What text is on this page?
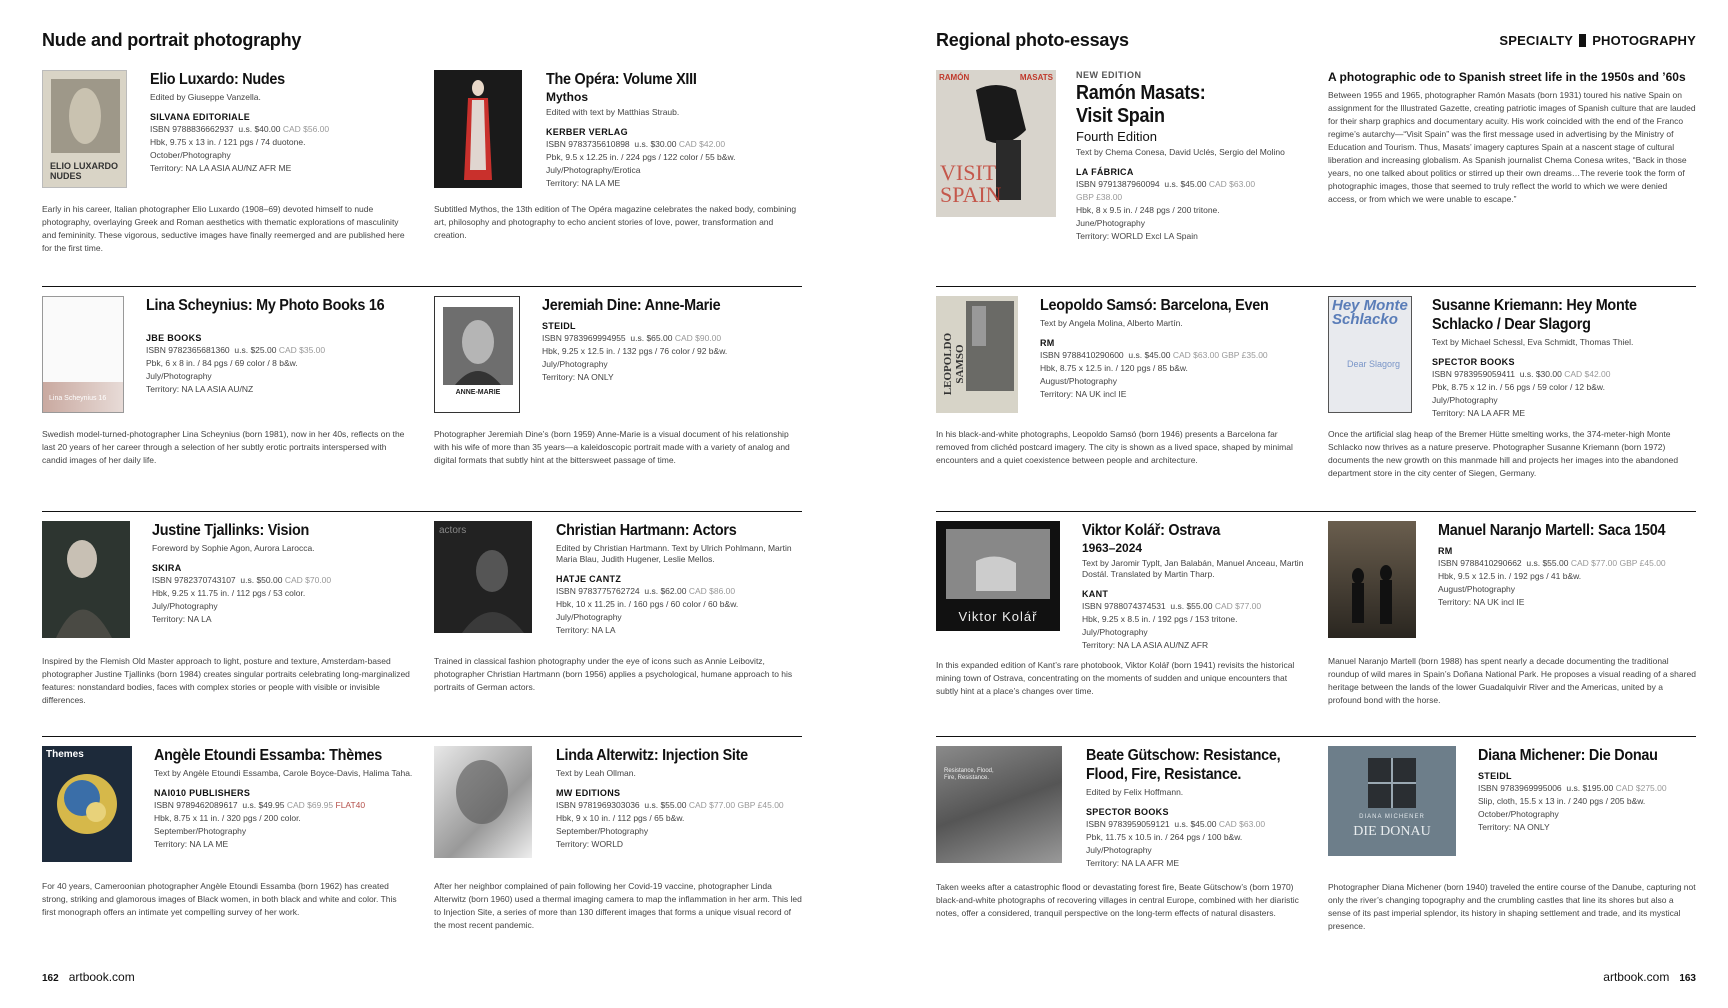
Nude and portrait photography
ELIO LUXARDO NUDES
Elio Luxardo: Nudes
Edited by Giuseppe Vanzella.
SILVANA EDITORIALE
ISBN 9788836662937 u.s. $40.00 CAD $56.00
Hbk, 9.75 x 13 in. / 121 pgs / 74 duotone.
October/Photography
Territory: NA LA ASIA AU/NZ AFR ME
Early in his career, Italian photographer Elio Luxardo (1908–69) devoted himself to nude photography, overlaying Greek and Roman aesthetics with thematic explorations of masculinity and femininity. These vigorous, seductive images have finally reemerged and are published here for the first time.
The Opéra: Volume XIII
Mythos
Edited with text by Matthias Straub.
KERBER VERLAG
ISBN 9783735610898 u.s. $30.00 CAD $42.00
Pbk, 9.5 x 12.25 in. / 224 pgs / 122 color / 55 b&w.
July/Photography/Erotica
Territory: NA LA ME
Subtitled Mythos, the 13th edition of The Opéra magazine celebrates the naked body, combining art, philosophy and photography to echo ancient stories of love, power, transformation and creation.
Lina Scheynius 16
Lina Scheynius: My Photo Books 16
JBE BOOKS
ISBN 9782365681360 u.s. $25.00 CAD $35.00
Pbk, 6 x 8 in. / 84 pgs / 69 color / 8 b&w.
July/Photography
Territory: NA LA ASIA AU/NZ
Swedish model-turned-photographer Lina Scheynius (born 1981), now in her 40s, reflects on the last 20 years of her career through a selection of her subtly erotic portraits interspersed with candid images of her daily life.
ANNE-MARIE
Jeremiah Dine: Anne-Marie
STEIDL
ISBN 9783969994955 u.s. $65.00 CAD $90.00
Hbk, 9.25 x 12.5 in. / 132 pgs / 76 color / 92 b&w.
July/Photography
Territory: NA ONLY
Photographer Jeremiah Dine’s (born 1959) Anne-Marie is a visual document of his relationship with his wife of more than 35 years—a kaleidoscopic portrait made with a variety of analog and digital formats that subtly hint at the bittersweet passage of time.
Justine Tjallinks: Vision
Foreword by Sophie Agon, Aurora Larocca.
SKIRA
ISBN 9782370743107 u.s. $50.00 CAD $70.00
Hbk, 9.25 x 11.75 in. / 112 pgs / 53 color.
July/Photography
Territory: NA LA
Inspired by the Flemish Old Master approach to light, posture and texture, Amsterdam-based photographer Justine Tjallinks (born 1984) creates singular portraits celebrating long-marginalized features: nonstandard bodies, faces with complex stories or people with visible or invisible differences.
actors	Christian Hartmann: Actors
Edited by Christian Hartmann. Text by Ulrich Pohlmann, Martin Maria Blau, Judith Hugener, Leslie Mellos.
HATJE CANTZ
ISBN 9783775762724 u.s. $62.00 CAD $86.00
Hbk, 10 x 11.25 in. / 160 pgs / 60 color / 60 b&w.
July/Photography
Territory: NA LA
Trained in classical fashion photography under the eye of icons such as Annie Leibovitz, photographer Christian Hartmann (born 1956) applies a psychological, humane approach to his portraits of German actors.
Themes	Angèle Etoundi Essamba: Thèmes
Text by Angèle Etoundi Essamba, Carole Boyce-Davis, Halima Taha.
NAI010 PUBLISHERS
ISBN 9789462089617 u.s. $49.95 CAD $69.95 FLAT40
Hbk, 8.75 x 11 in. / 320 pgs / 200 color.
September/Photography
Territory: NA LA ME
For 40 years, Cameroonian photographer Angèle Etoundi Essamba (born 1962) has created strong, striking and glamorous images of Black women, in both black and white and color. This first monograph offers an intimate yet compelling survey of her work.
Linda Alterwitz: Injection Site
Text by Leah Ollman.
MW EDITIONS
ISBN 9781969303036 u.s. $55.00 CAD $77.00 GBP £45.00
Hbk, 9 x 10 in. / 112 pgs / 65 b&w.
September/Photography
Territory: WORLD
After her neighbor complained of pain following her Covid-19 vaccine, photographer Linda Alterwitz (born 1960) used a thermal imaging camera to map the inflammation in her arm. This led to Injection Site, a series of more than 130 different images that forms a unique visual record of the most recent pandemic.
162 artbook.com
Regional photo-essays	SPECIALTY PHOTOGRAPHY
RAMÓN	MASATS
VISIT SPAIN
NEW EDITION
Ramón Masats:
Visit Spain
Fourth Edition
Text by Chema Conesa, David Uclés, Sergio del Molino
LA FÁBRICA
ISBN 9791387960094 u.s. $45.00 CAD $63.00
GBP £38.00
Hbk, 8 x 9.5 in. / 248 pgs / 200 tritone.
June/Photography
Territory: WORLD Excl LA Spain
A photographic ode to Spanish street life in the 1950s and ’60s
Between 1955 and 1965, photographer Ramón Masats (born 1931) toured his native Spain on assignment for the Illustrated Gazette, creating patriotic images of Spanish culture that are lauded for their sharp graphics and documentary acuity. His work coincided with the end of the Franco regime’s autarchy—“Visit Spain” was the first message used in advertising by the Ministry of Education and Tourism. Thus, Masats’ imagery captures Spain at a nascent stage of cultural liberation and increasing globalism. As Spanish journalist Chema Conesa writes, “Back in those years, no one talked about politics or stirred up their own dreams…The reverie took the form of photographic images, those that seemed to truly reflect the world to which we were denied access, or from which we were unable to escape.”
LEOPOLDO SAMSO
Leopoldo Samsó: Barcelona, Even
Text by Angela Molina, Alberto Martín.
RM
ISBN 9788410290600 u.s. $45.00 CAD $63.00 GBP £35.00
Hbk, 8.75 x 12.5 in. / 120 pgs / 85 b&w.
August/Photography
Territory: NA UK incl IE
In his black-and-white photographs, Leopoldo Samsó (born 1946) presents a Barcelona far removed from clichéd postcard imagery. The city is shown as a lived space, shaped by minimal encounters and a quiet coexistence between people and architecture.
Hey Monte Schlacko
Dear Slagorg
Susanne Kriemann: Hey Monte Schlacko / Dear Slagorg
Text by Michael Schessl, Eva Schmidt, Thomas Thiel.
SPECTOR BOOKS
ISBN 9783959059411 u.s. $30.00 CAD $42.00
Pbk, 8.75 x 12 in. / 56 pgs / 59 color / 12 b&w.
July/Photography
Territory: NA LA AFR ME
Once the artificial slag heap of the Bremer Hütte smelting works, the 374-meter-high Monte Schlacko now thrives as a nature preserve. Photographer Susanne Kriemann (born 1972) documents the new growth on this manmade hill and projects her images into the abandoned department store in the city center of Siegen, Germany.
Viktor Kolář
Viktor Kolář: Ostrava
1963–2024
Text by Jaromir Typlt, Jan Balabán, Manuel Anceau, Martin Dostál. Translated by Martin Tharp.
KANT
ISBN 9788074374531 u.s. $55.00 CAD $77.00
Hbk, 9.25 x 8.5 in. / 192 pgs / 153 tritone.
July/Photography
Territory: NA LA ASIA AU/NZ AFR
In this expanded edition of Kant’s rare photobook, Viktor Kolář (born 1941) revisits the historical mining town of Ostrava, concentrating on the moments of sudden and unique encounters that subtly hint at a place’s changes over time.
Manuel Naranjo Martell: Saca 1504
RM
ISBN 9788410290662 u.s. $55.00 CAD $77.00 GBP £45.00
Hbk, 9.5 x 12.5 in. / 192 pgs / 41 b&w.
August/Photography
Territory: NA UK incl IE
Manuel Naranjo Martell (born 1988) has spent nearly a decade documenting the traditional roundup of wild mares in Spain’s Doñana National Park. He proposes a visual reading of a shared heritage between the lands of the lower Guadalquivir River and the Americas, united by a profound bond with the horse.
Resistance, Flood, Fire, Resistance.
Beate Gütschow: Resistance, Flood, Fire, Resistance.
Edited by Felix Hoffmann.
SPECTOR BOOKS
ISBN 9783959059121 u.s. $45.00 CAD $63.00
Pbk, 11.75 x 10.5 in. / 264 pgs / 100 b&w.
July/Photography
Territory: NA LA AFR ME
Taken weeks after a catastrophic flood or devastating forest fire, Beate Gütschow’s (born 1970) black-and-white photographs of recovering villages in central Europe, combined with her diaristic notes, offer a considered, tranquil perspective on the long-term effects of natural disasters.
DIANA MICHENER
DIE DONAU
Diana Michener: Die Donau
STEIDL
ISBN 9783969995006 u.s. $195.00 CAD $275.00
Slip, cloth, 15.5 x 13 in. / 240 pgs / 205 b&w.
October/Photography
Territory: NA ONLY
Photographer Diana Michener (born 1940) traveled the entire course of the Danube, capturing not only the river’s changing topography and the crumbling castles that line its shores but also a sense of its past imperial splendor, its history in shaping settlement and trade, and its mystical presence.
artbook.com 163
